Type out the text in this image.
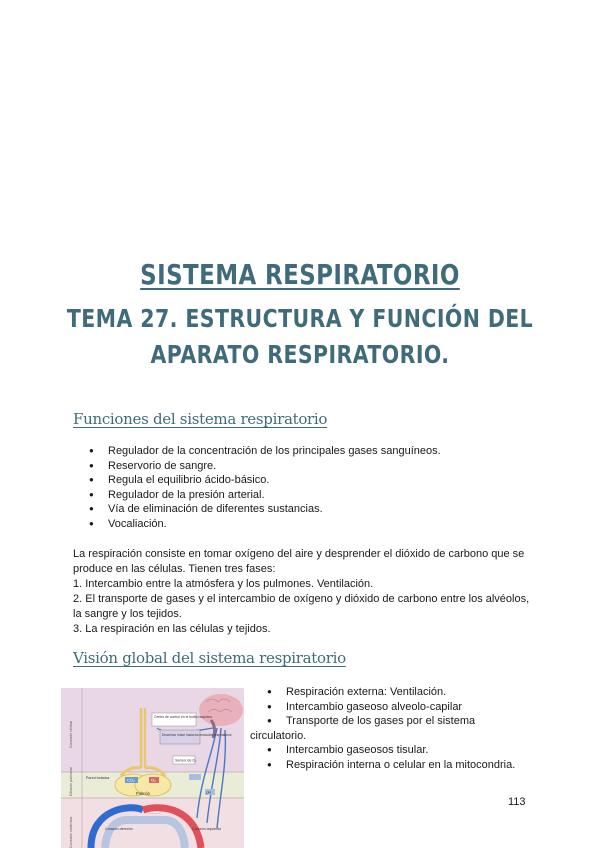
SISTEMA RESPIRATORIO
TEMA 27. ESTRUCTURA Y FUNCIÓN DEL
APARATO RESPIRATORIO.
Funciones del sistema respiratorio
● Regulador de la concentración de los principales gases sanguíneos.
● Reservorio de sangre.
● Regula el equilibrio ácido-básico.
● Regulador de la presión arterial.
● Vía de eliminación de diferentes sustancias.
● Vocaliación.

La respiración consiste en tomar oxígeno del aire y desprender el dióxido de carbono que se produce en las células. Tienen tres fases:

1. Intercambio entre la atmósfera y los pulmones. Ventilación.

2. El transporte de gases y el intercambio de oxígeno y dióxido de carbono entre los alvéolos, la sangre y los tejidos.

3. La respiración en las células y tejidos.

Visión global del sistema respiratorio
Centro de control en el bulbo raquídeo
Descenso motor hacia los músculos respiratorios
Sensor de O₂
CO₂	O₂
Pulmón
Pared torácica
pH
Corazón derecho	Corazón izquierdo
Conexión central
Difusión pulmonar
Conexión sistémica
● Respiración externa: Ventilación.
● Intercambio gaseoso alveolo-capilar
● Transporte de los gases por el sistema
circulatorio.
● Intercambio gaseosos tisular.
● Respiración interna o celular en la mitocondria.
113
